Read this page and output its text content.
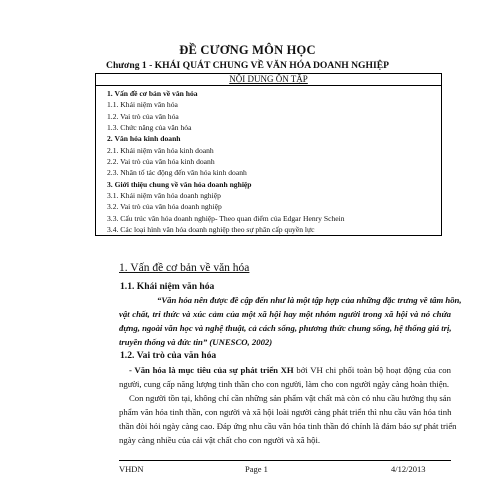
ĐỀ CƯƠNG MÔN HỌC
Chương 1 - KHÁI QUÁT CHUNG VỀ VĂN HÓA DOANH NGHIỆP
NỘI DUNG ÔN TẬP
1. Vấn đề cơ bản về văn hóa
1.1. Khái niệm văn hóa
1.2. Vai trò của văn hóa
1.3. Chức năng của văn hóa
2. Văn hóa kinh doanh
2.1. Khái niệm văn hóa kinh doanh
2.2. Vai trò của văn hóa kinh doanh
2.3. Nhân tố tác động đến văn hóa kinh doanh
3. Giới thiệu chung về văn hóa doanh nghiệp
3.1. Khái niệm văn hóa doanh nghiệp
3.2. Vai trò của văn hóa doanh nghiệp
3.3. Cấu trúc văn hóa doanh nghiệp- Theo quan điểm của Edgar Henry Schein
3.4. Các loại hình văn hóa doanh nghiệp theo sự phân cấp quyền lực
1. Vấn đề cơ bản về văn hóa
1.1. Khái niệm văn hóa
“Văn hóa nên được đề cập đến như là một tập hợp của những đặc trưng về tâm hồn,
vật chất, tri thức và xúc cảm của một xã hội hay một nhóm người trong xã hội và nó chứa
đựng, ngoài văn học và nghệ thuật, cả cách sống, phương thức chung sống, hệ thống giá trị,
truyền thống và đức tin” (UNESCO, 2002)
1.2. Vai trò của văn hóa
- Văn hóa là mục tiêu của sự phát triển XH bởi VH chi phối toàn bộ hoạt động của con
người, cung cấp năng lượng tinh thần cho con người, làm cho con người ngày càng hoàn thiện.
Con người tồn tại, không chỉ cần những sản phẩm vật chất mà còn có nhu cầu hưởng thụ sản
phẩm văn hóa tinh thần, con người và xã hội loài người càng phát triển thì nhu cầu văn hóa tinh
thần đòi hỏi ngày càng cao. Đáp ứng nhu cầu văn hóa tinh thần đó chính là đảm bảo sự phát triển
ngày càng nhiều của cải vật chất cho con người và xã hội.
VHDN	Page 1	4/12/2013
